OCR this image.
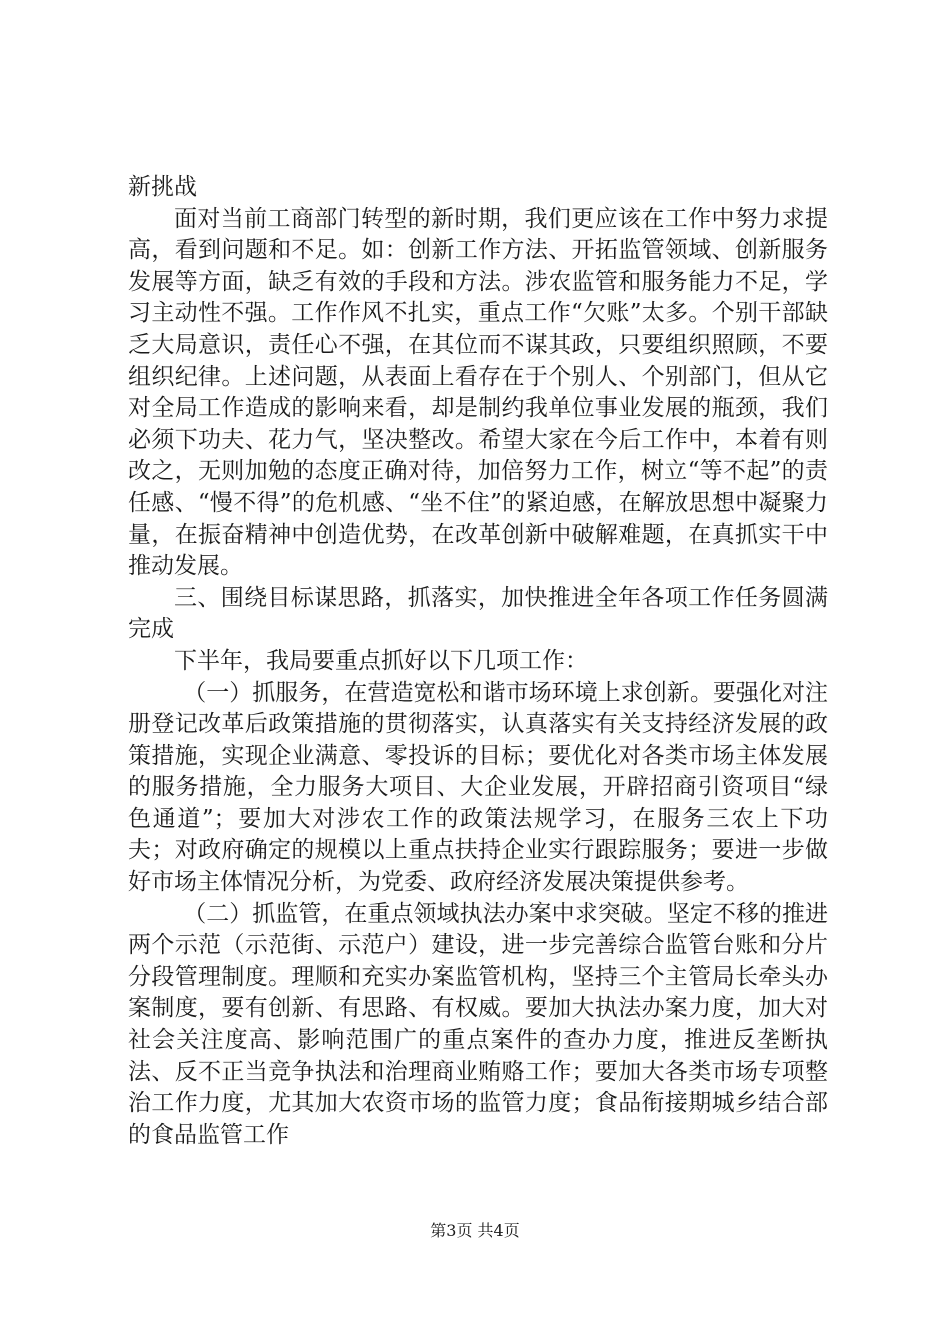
新挑战

面对当前工商部门转型的新时期，我们更应该在工作中努力求提高，看到问题和不足。如：创新工作方法、开拓监管领域、创新服务发展等方面，缺乏有效的手段和方法。涉农监管和服务能力不足，学习主动性不强。工作作风不扎实，重点工作“欠账”太多。个别干部缺乏大局意识，责任心不强，在其位而不谋其政，只要组织照顾，不要组织纪律。上述问题，从表面上看存在于个别人、个别部门，但从它对全局工作造成的影响来看，却是制约我单位事业发展的瓶颈，我们必须下功夫、花力气，坚决整改。希望大家在今后工作中，本着有则改之，无则加勉的态度正确对待，加倍努力工作，树立“等不起”的责任感、“慢不得”的危机感、“坐不住”的紧迫感，在解放思想中凝聚力量，在振奋精神中创造优势，在改革创新中破解难题，在真抓实干中推动发展。

三、围绕目标谋思路，抓落实，加快推进全年各项工作任务圆满完成

下半年，我局要重点抓好以下几项工作：

（一）抓服务，在营造宽松和谐市场环境上求创新。要强化对注册登记改革后政策措施的贯彻落实，认真落实有关支持经济发展的政策措施，实现企业满意、零投诉的目标；要优化对各类市场主体发展的服务措施，全力服务大项目、大企业发展，开辟招商引资项目“绿色通道”；要加大对涉农工作的政策法规学习，在服务三农上下功夫；对政府确定的规模以上重点扶持企业实行跟踪服务；要进一步做好市场主体情况分析，为党委、政府经济发展决策提供参考。

（二）抓监管，在重点领域执法办案中求突破。坚定不移的推进两个示范（示范街、示范户）建设，进一步完善综合监管台账和分片分段管理制度。理顺和充实办案监管机构，坚持三个主管局长牵头办案制度，要有创新、有思路、有权威。要加大执法办案力度，加大对社会关注度高、影响范围广的重点案件的查办力度，推进反垄断执法、反不正当竞争执法和治理商业贿赂工作；要加大各类市场专项整治工作力度，尤其加大农资市场的监管力度；食品衔接期城乡结合部的食品监管工作

第3页 共4页
